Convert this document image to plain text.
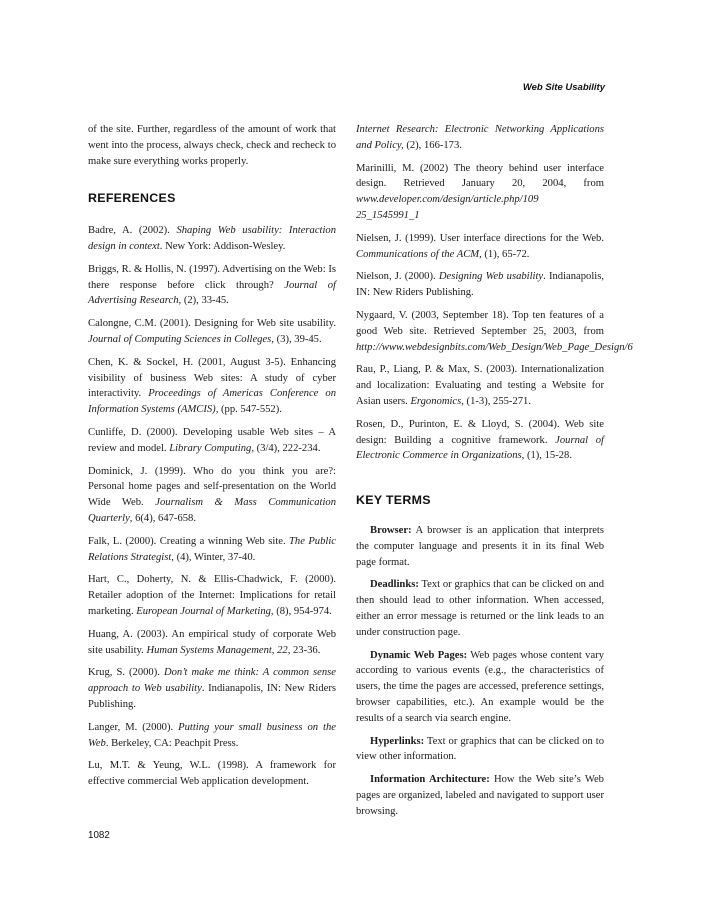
Web Site Usability

of the site. Further, regardless of the amount of work that went into the process, always check, check and recheck to make sure everything works properly.

REFERENCES

Badre, A. (2002). Shaping Web usability: Interaction design in context. New York: Addison-Wesley.

Briggs, R. & Hollis, N. (1997). Advertising on the Web: Is there response before click through? Journal of Advertising Research, (2), 33-45.

Calongne, C.M. (2001). Designing for Web site usability. Journal of Computing Sciences in Colleges, (3), 39-45.

Chen, K. & Sockel, H. (2001, August 3-5). Enhancing visibility of business Web sites: A study of cyber interactivity. Proceedings of Americas Conference on Information Systems (AMCIS), (pp. 547-552).

Cunliffe, D. (2000). Developing usable Web sites – A review and model. Library Computing, (3/4), 222-234.

Dominick, J. (1999). Who do you think you are?: Personal home pages and self-presentation on the World Wide Web. Journalism & Mass Communication Quarterly, 6(4), 647-658.

Falk, L. (2000). Creating a winning Web site. The Public Relations Strategist, (4), Winter, 37-40.

Hart, C., Doherty, N. & Ellis-Chadwick, F. (2000). Retailer adoption of the Internet: Implications for retail marketing. European Journal of Marketing, (8), 954-974.

Huang, A. (2003). An empirical study of corporate Web site usability. Human Systems Management, 22, 23-36.

Krug, S. (2000). Don’t make me think: A common sense approach to Web usability. Indianapolis, IN: New Riders Publishing.

Langer, M. (2000). Putting your small business on the Web. Berkeley, CA: Peachpit Press.

Lu, M.T. & Yeung, W.L. (1998). A framework for effective commercial Web application development.

Internet Research: Electronic Networking Applications and Policy, (2), 166-173.

Marinilli, M. (2002) The theory behind user interface design. Retrieved January 20, 2004, from www.developer.com/design/article.php/109 25_1545991_1

Nielsen, J. (1999). User interface directions for the Web. Communications of the ACM, (1), 65-72.

Nielson, J. (2000). Designing Web usability. Indianapolis, IN: New Riders Publishing.

Nygaard, V. (2003, September 18). Top ten features of a good Web site. Retrieved September 25, 2003, from http://www.webdesignbits.com/Web_Design/Web_Page_Design/6

Rau, P., Liang, P. & Max, S. (2003). Internationalization and localization: Evaluating and testing a Website for Asian users. Ergonomics, (1-3), 255-271.

Rosen, D., Purinton, E. & Lloyd, S. (2004). Web site design: Building a cognitive framework. Journal of Electronic Commerce in Organizations, (1), 15-28.

KEY TERMS

Browser: A browser is an application that interprets the computer language and presents it in its final Web page format.

Deadlinks: Text or graphics that can be clicked on and then should lead to other information. When accessed, either an error message is returned or the link leads to an under construction page.

Dynamic Web Pages: Web pages whose content vary according to various events (e.g., the characteristics of users, the time the pages are accessed, preference settings, browser capabilities, etc.). An example would be the results of a search via search engine.

Hyperlinks: Text or graphics that can be clicked on to view other information.

Information Architecture: How the Web site’s Web pages are organized, labeled and navigated to support user browsing.

1082
